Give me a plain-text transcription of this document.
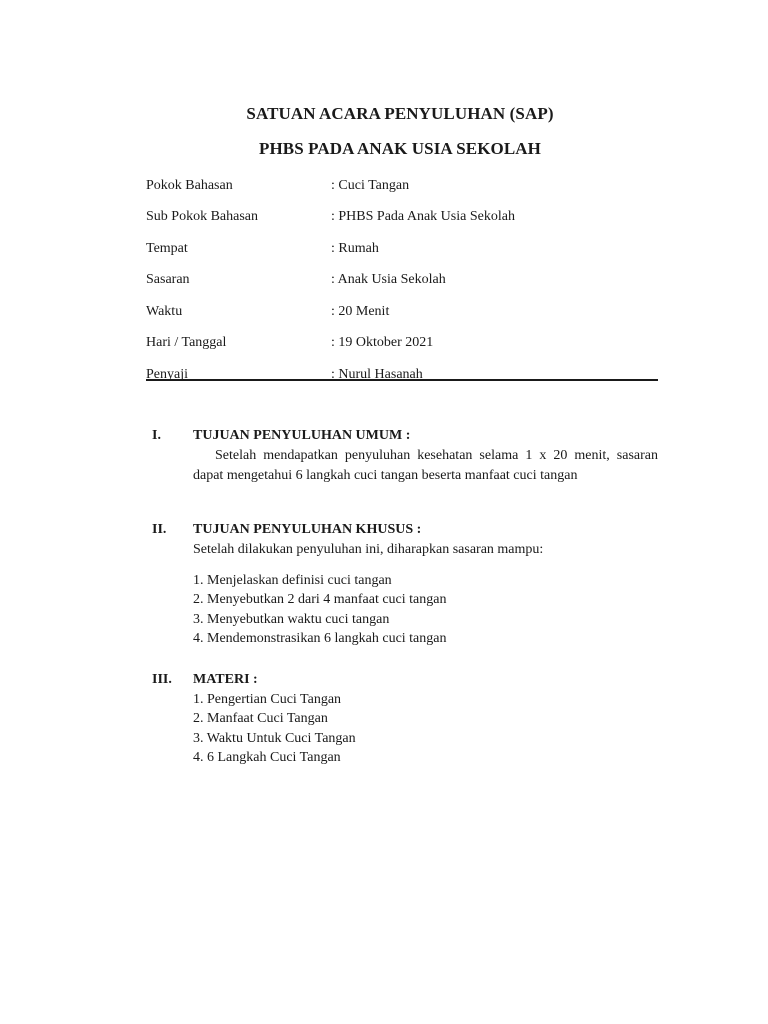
SATUAN ACARA PENYULUHAN (SAP)
PHBS PADA ANAK USIA SEKOLAH
Pokok Bahasan	: Cuci Tangan
Sub Pokok Bahasan	: PHBS Pada Anak Usia Sekolah
Tempat	: Rumah
Sasaran	: Anak Usia Sekolah
Waktu	: 20 Menit
Hari / Tanggal	: 19 Oktober 2021
Penyaji	: Nurul Hasanah
I.	TUJUAN PENYULUHAN UMUM :
Setelah mendapatkan penyuluhan kesehatan selama 1 x 20 menit, sasaran dapat mengetahui 6 langkah cuci tangan beserta manfaat cuci tangan
II.	TUJUAN PENYULUHAN KHUSUS :
Setelah dilakukan penyuluhan ini, diharapkan sasaran mampu:
1. Menjelaskan definisi cuci tangan
2. Menyebutkan 2 dari 4 manfaat cuci tangan
3. Menyebutkan waktu cuci tangan
4. Mendemonstrasikan 6 langkah cuci tangan
III.	MATERI :
1. Pengertian Cuci Tangan
2. Manfaat Cuci Tangan
3. Waktu Untuk Cuci Tangan
4. 6 Langkah Cuci Tangan
